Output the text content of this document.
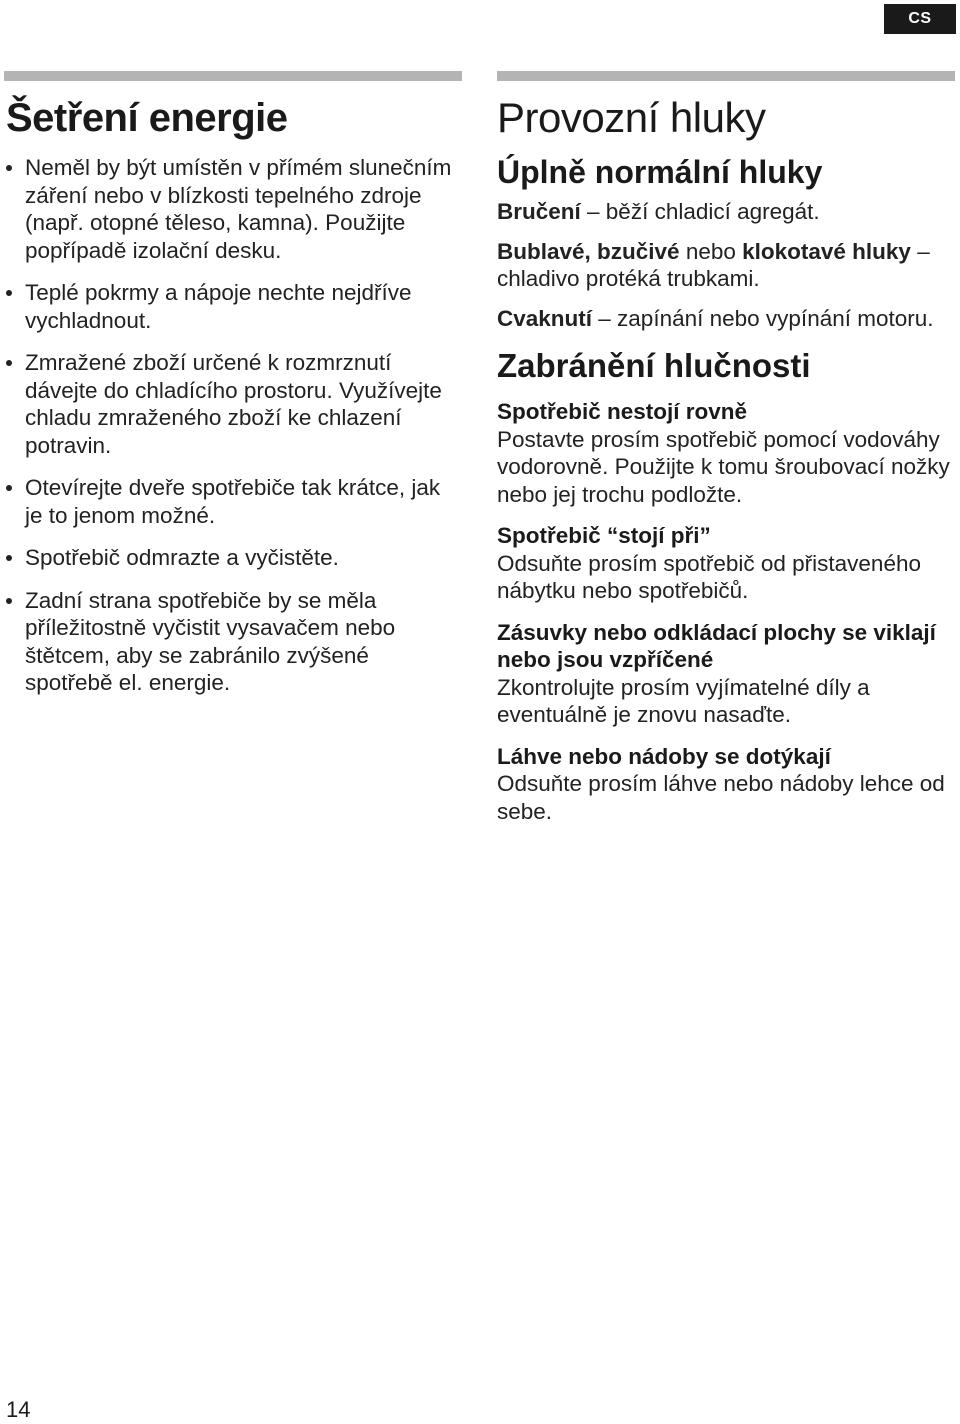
CS
Šetření energie
Neměl by být umístěn v přímém slunečním záření nebo v blízkosti tepelného zdroje (např. otopné těleso, kamna). Použijte popřípadě izolační desku.
Teplé pokrmy a nápoje nechte nejdříve vychladnout.
Zmražené zboží určené k rozmrznutí dávejte do chladícího prostoru. Využívejte chladu zmraženého zboží ke chlazení potravin.
Otevírejte dveře spotřebiče tak krátce, jak je to jenom možné.
Spotřebič odmrazte a vyčistěte.
Zadní strana spotřebiče by se měla příležitostně vyčistit vysavačem nebo štětcem, aby se zabránilo zvýšené spotřebě el. energie.
Provozní hluky
Úplně normální hluky

Bručení – běží chladicí agregát.

Bublavé, bzučivé nebo klokotavé hluky – chladivo protéká trubkami.

Cvaknutí – zapínání nebo vypínání motoru.

Zabránění hlučnosti
Spotřebič nestojí rovně

Postavte prosím spotřebič pomocí vodováhy vodorovně. Použijte k tomu šroubovací nožky nebo jej trochu podložte.

Spotřebič “stojí při”

Odsuňte prosím spotřebič od přistaveného nábytku nebo spotřebičů.

Zásuvky nebo odkládací plochy se viklají nebo jsou vzpříčené

Zkontrolujte prosím vyjímatelné díly a eventuálně je znovu nasaďte.

Láhve nebo nádoby se dotýkají

Odsuňte prosím láhve nebo nádoby lehce od sebe.

14
